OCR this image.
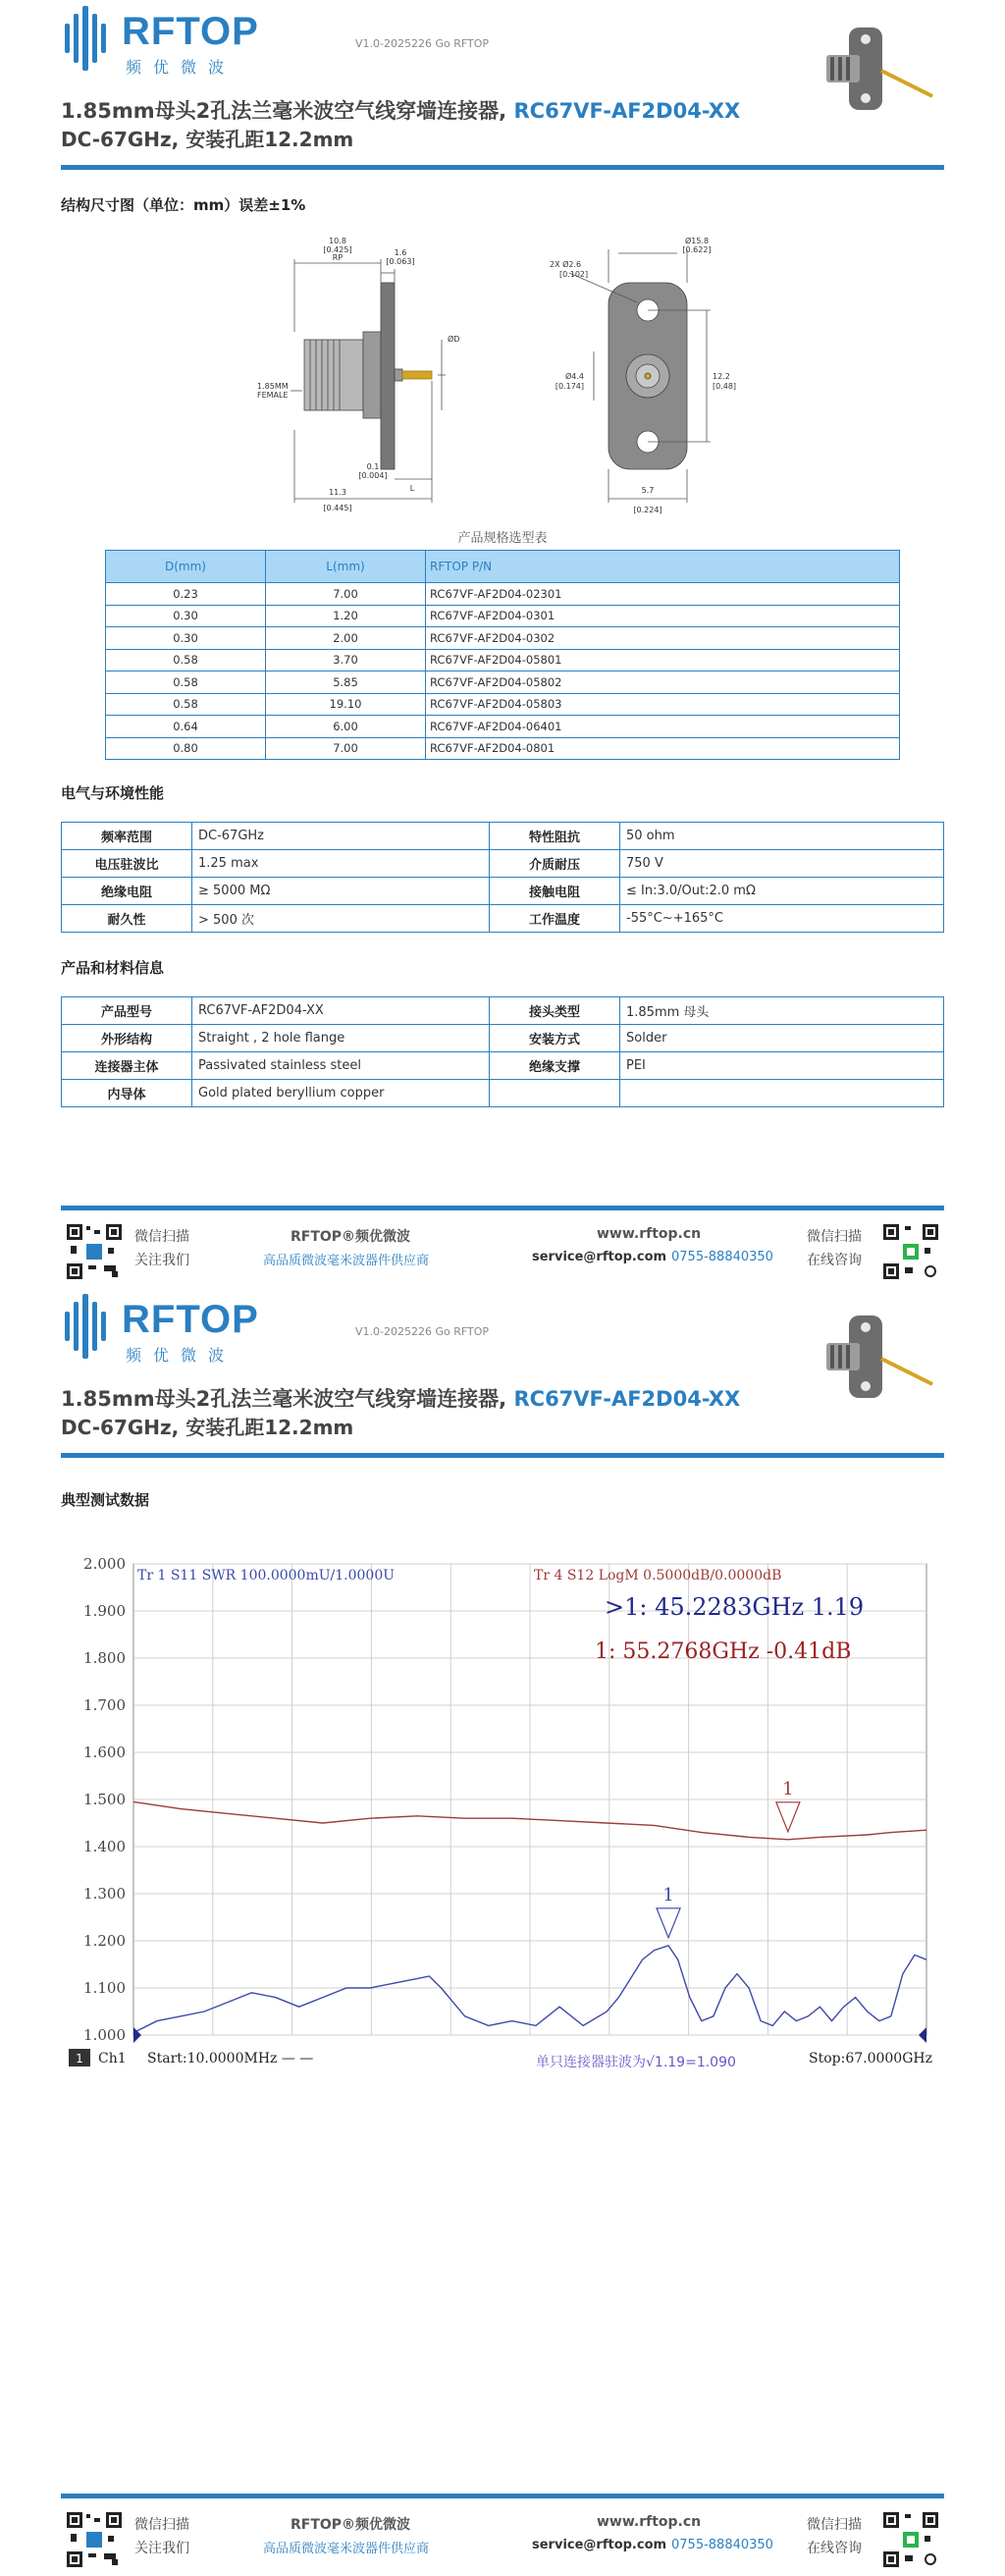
RFTOP
频优微波
V1.0-2025226 Go RFTOP
1.85mm母头2孔法兰毫米波空气线穿墙连接器, RC67VF-AF2D04-XX
DC-67GHz, 安装孔距12.2mm
结构尺寸图（单位：mm）误差±1%
10.8
[0.425]
RP
1.6
[0.063]
1.85MM
FEMALE
ØD
0.1
[0.004]
11.3
[0.445]
L
Ø15.8
[0.622]
2X Ø2.6
[0.102]
Ø4.4
[0.174]
12.2
[0.48]
5.7
[0.224]
产品规格选型表
D(mm)	L(mm)	RFTOP P/N
0.23	7.00	RC67VF-AF2D04-02301
0.30	1.20	RC67VF-AF2D04-0301
0.30	2.00	RC67VF-AF2D04-0302
0.58	3.70	RC67VF-AF2D04-05801
0.58	5.85	RC67VF-AF2D04-05802
0.58	19.10	RC67VF-AF2D04-05803
0.64	6.00	RC67VF-AF2D04-06401
0.80	7.00	RC67VF-AF2D04-0801
电气与环境性能
频率范围	DC-67GHz	特性阻抗	50 ohm
电压驻波比	1.25 max	介质耐压	750 V
绝缘电阻	≥ 5000 MΩ	接触电阻	≤ In:3.0/Out:2.0 mΩ
耐久性	> 500 次	工作温度	-55°C~+165°C
产品和材料信息
产品型号	RC67VF-AF2D04-XX	接头类型	1.85mm 母头
外形结构	Straight , 2 hole flange	安装方式	Solder
连接器主体	Passivated stainless steel	绝缘支撑	PEI
内导体	Gold plated beryllium copper		
微信扫描
关注我们
RFTOP®频优微波
高品质微波毫米波器件供应商
www.rftop.cn
service@rftop.com 0755-88840350
微信扫描
在线咨询
RFTOP
频优微波
V1.0-2025226 Go RFTOP
1.85mm母头2孔法兰毫米波空气线穿墙连接器, RC67VF-AF2D04-XX
DC-67GHz, 安装孔距12.2mm
典型测试数据
微信扫描
关注我们
RFTOP®频优微波
高品质微波毫米波器件供应商
www.rftop.cn
service@rftop.com 0755-88840350
微信扫描
在线咨询
2.000
1.900
1.800
1.700
1.600
1.500
1.400
1.300
1.200
1.100
1.000
1
1
Tr 1 S11 SWR 100.0000mU/1.0000U	Tr 4 S12 LogM 0.5000dB/0.0000dB
>1: 45.2283GHz 1.19
1: 55.2768GHz -0.41dB
1 Ch1 Start:10.0000MHz — —	单只连接器驻波为√1.19=1.090	Stop:67.0000GHz
